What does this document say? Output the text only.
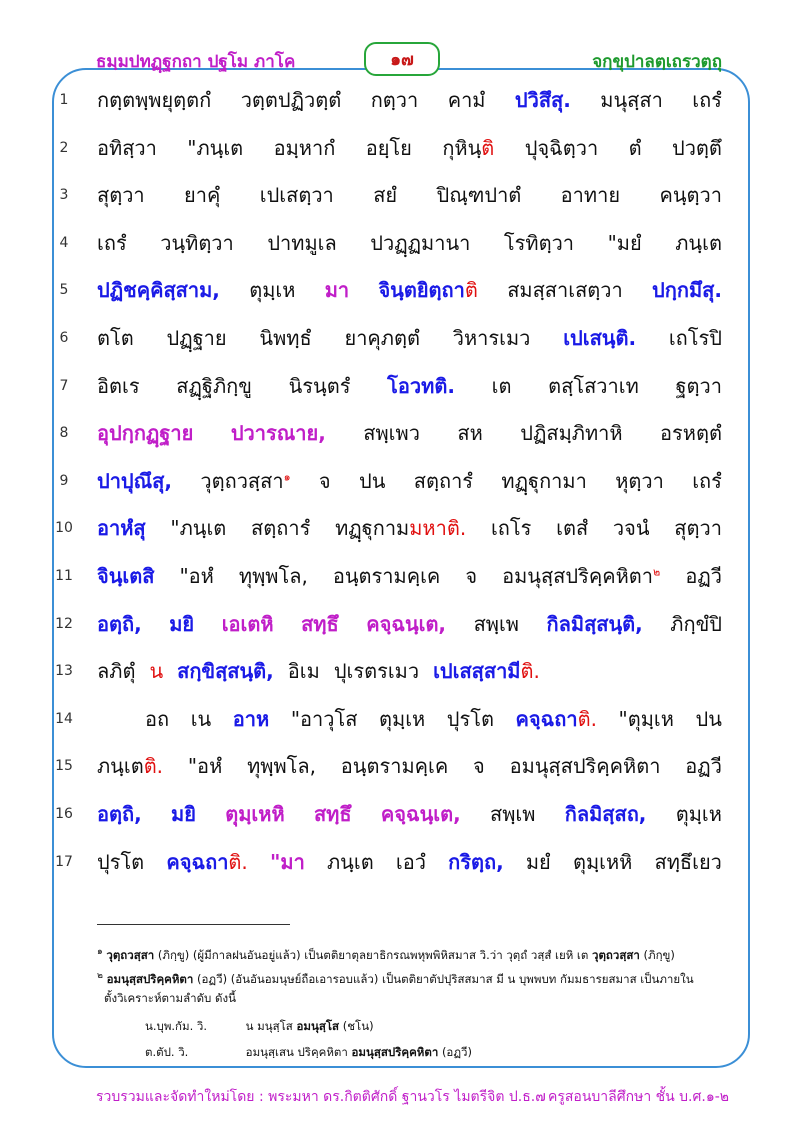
ธมฺมปทฏฺฐกถา ปฐโม ภาโค	๑๗	จกฺขุปาลตฺเถรวตฺถุ
1	กตฺตพฺพยุตฺตกํ วตฺตปฏิวตฺตํ กตฺวา คามํ ปวิสึสุ. มนุสฺสา เถรํ
2	อทิสฺวา "ภนฺเต อมฺหากํ อยฺโย กุหินฺติ ปุจฺฉิตฺวา ตํ ปวตฺตึ
3	สุตฺวา ยาคุํ เปเสตฺวา สยํ ปิณฺฑปาตํ อาทาย คนฺตฺวา
4	เถรํ วนฺทิตฺวา ปาทมูเล ปวฏฺฏมานา โรทิตฺวา "มยํ ภนฺเต
5	ปฏิชคฺคิสฺสาม, ตุมฺเห มา จินฺตยิตฺถาติ สมสฺสาเสตฺวา ปกฺกมึสุ.
6	ตโต ปฏฺฐาย นิพทฺธํ ยาคุภตฺตํ วิหารเมว เปเสนฺติ. เถโรปิ
7	อิตเร สฏฺฐิภิกฺขู นิรนฺตรํ โอวทติ. เต ตสฺโสวาเท ฐตฺวา
8	อุปกฺกฏฺฐาย ปวารณาย, สพฺเพว สห ปฏิสมฺภิทาหิ อรหตฺตํ
9	ปาปุณึสุ, วุตฺถวสฺสา$^๑$ จ ปน สตฺถารํ ทฏฺฐุกามา หุตฺวา เถรํ
10	อาหํสุ "ภนฺเต สตฺถารํ ทฏฺฐุกามมหาติ. เถโร เตสํ วจนํ สุตฺวา
11	จินฺเตสิ "อหํ ทุพฺพโล, อนฺตรามคฺเค จ อมนุสฺสปริคฺคหิตา$^๒$ อฏวี
12	อตฺถิ, มยิ เอเตหิ สทฺธึ คจฺฉนฺเต, สพฺเพ กิลมิสฺสนฺติ, ภิกฺขํปิ
13	ลภิตุํ น สกฺขิสฺสนฺติ, อิเม ปุเรตรเมว เปเสสฺสามีติ.
14	อถ เน อาห "อาวุโส ตุมฺเห ปุรโต คจฺฉถาติ. "ตุมฺเห ปน
15	ภนฺเตติ. "อหํ ทุพฺพโล, อนฺตรามคฺเค จ อมนุสฺสปริคฺคหิตา อฏวี
16	อตฺถิ, มยิ ตุมฺเหหิ สทฺธึ คจฺฉนฺเต, สพฺเพ กิลมิสฺสถ, ตุมฺเห
17	ปุรโต คจฺฉถาติ. "มา ภนฺเต เอวํ กริตฺถ, มยํ ตุมฺเหหิ สทฺธึเยว
$^๑$ วุตฺถวสฺสา (ภิกฺขู) (ผู้มีกาลฝนอันอยู่แล้ว) เป็นตติยาตุลยาธิกรณพหุพพิหิสมาส วิ.ว่า วุตฺถํ วสฺสํ เยหิ เต วุตฺถวสฺสา (ภิกฺขู)
$^๒$ อมนุสฺสปริคฺคหิตา (อฏวี) (อันอันอมนุษย์ถือเอารอบแล้ว) เป็นตติยาตัปปุริสสมาส มี น บุพพบท กัมมธารยสมาส เป็นภายใน
ตั้งวิเคราะห์ตามลำดับ ดังนี้
น.บุพ.กัม. วิ.	น มนุสฺโส อมนุสฺโส (ชโน)
ต.ตัป. วิ.	อมนุสฺเสน ปริคฺคหิตา อมนุสฺสปริคฺคหิตา (อฏวี)
รวบรวมและจัดทำใหม่โดย : พระมหา ดร.กิตติศักดิ์ ฐานวโร ไมตรีจิต ป.ธ.๗ ครูสอนบาลีศึกษา ชั้น บ.ศ.๑-๒
